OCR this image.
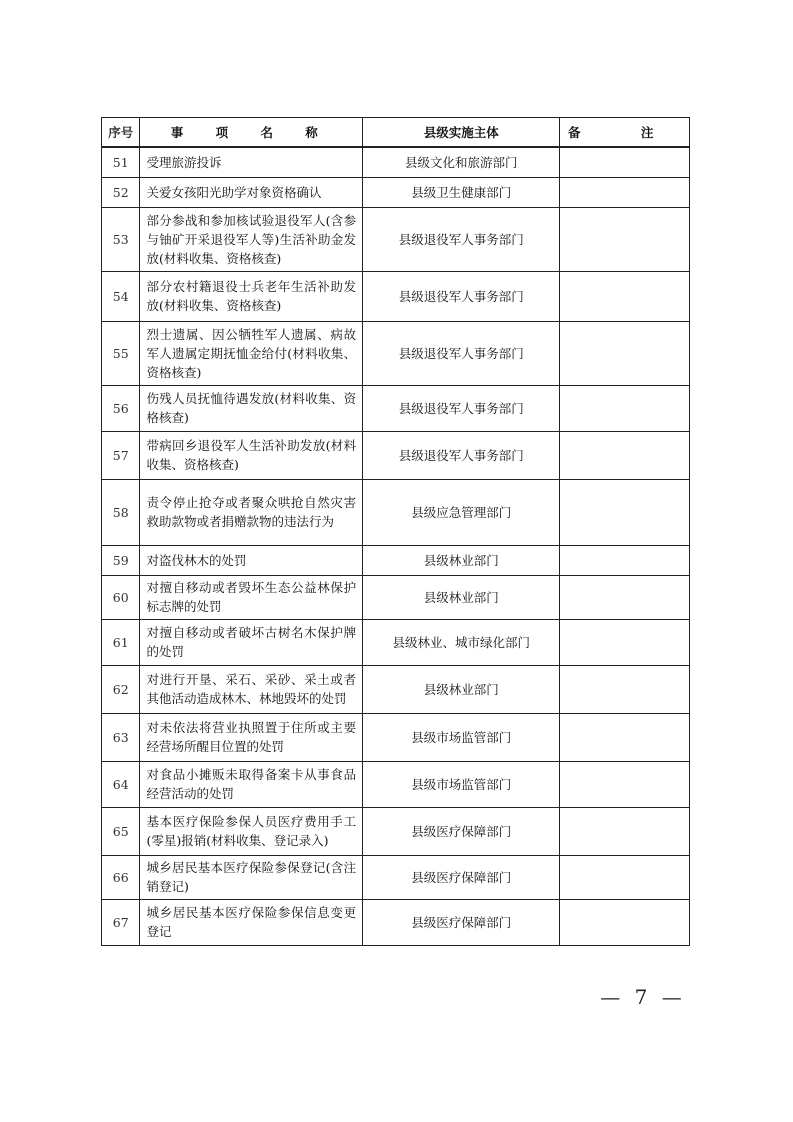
序号	事 项 名 称	县级实施主体	备 注
51	受理旅游投诉	县级文化和旅游部门	
52	关爱女孩阳光助学对象资格确认	县级卫生健康部门	
53	部分参战和参加核试验退役军人(含参与铀矿开采退役军人等)生活补助金发放(材料收集、资格核查)	县级退役军人事务部门	
54	部分农村籍退役士兵老年生活补助发放(材料收集、资格核查)	县级退役军人事务部门	
55	烈士遗属、因公牺牲军人遗属、病故军人遗属定期抚恤金给付(材料收集、资格核查)	县级退役军人事务部门	
56	伤残人员抚恤待遇发放(材料收集、资格核查)	县级退役军人事务部门	
57	带病回乡退役军人生活补助发放(材料收集、资格核查)	县级退役军人事务部门	
58	责令停止抢夺或者聚众哄抢自然灾害救助款物或者捐赠款物的违法行为	县级应急管理部门	
59	对盗伐林木的处罚	县级林业部门	
60	对擅自移动或者毁坏生态公益林保护标志牌的处罚	县级林业部门	
61	对擅自移动或者破坏古树名木保护牌的处罚	县级林业、城市绿化部门	
62	对进行开垦、采石、采砂、采土或者其他活动造成林木、林地毁坏的处罚	县级林业部门	
63	对未依法将营业执照置于住所或主要经营场所醒目位置的处罚	县级市场监管部门	
64	对食品小摊贩未取得备案卡从事食品经营活动的处罚	县级市场监管部门	
65	基本医疗保险参保人员医疗费用手工(零星)报销(材料收集、登记录入)	县级医疗保障部门	
66	城乡居民基本医疗保险参保登记(含注销登记)	县级医疗保障部门	
67	城乡居民基本医疗保险参保信息变更登记	县级医疗保障部门	
— 7 —
